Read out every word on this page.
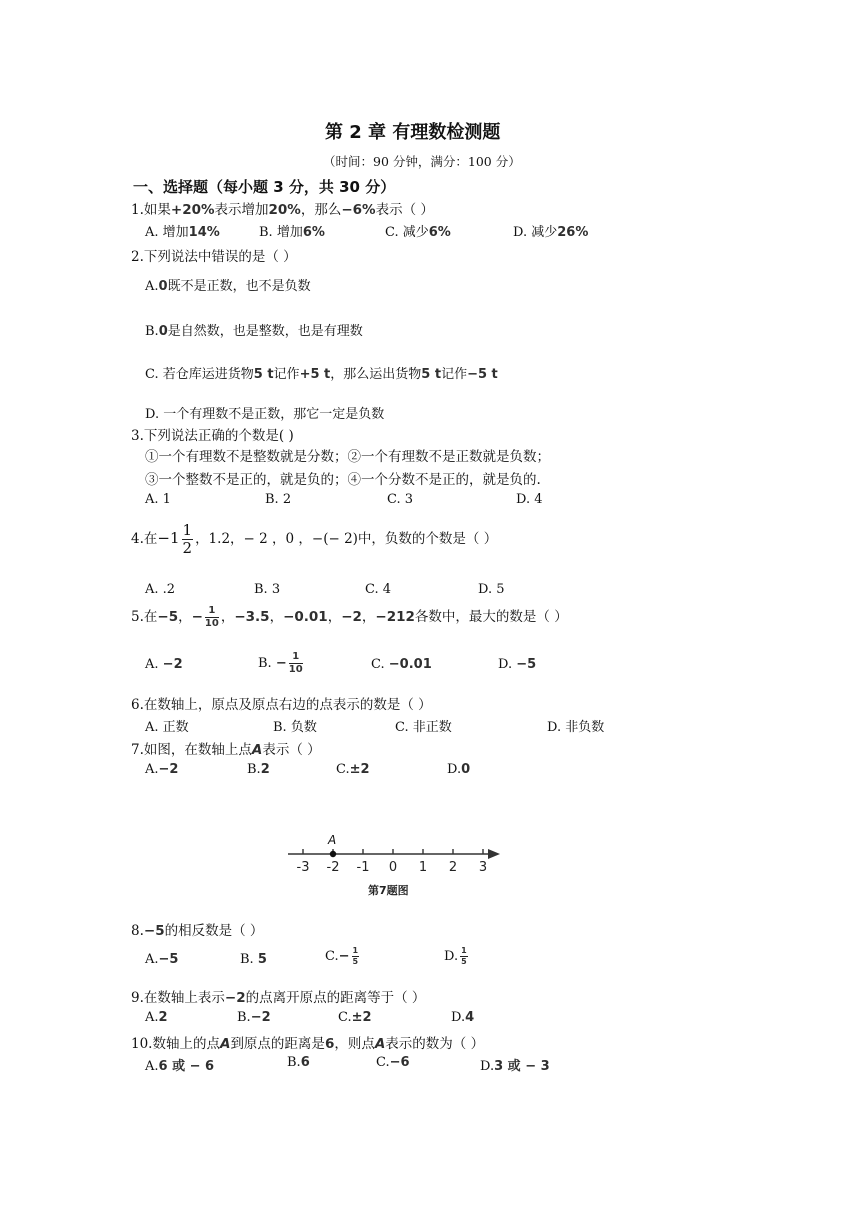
第 2 章 有理数检测题
（时间：90 分钟，满分：100 分）
一、选择题（每小题 3 分，共 30 分）
1.如果+20%表示增加20%，那么−6%表示（ ）
A. 增加14%	B. 增加6%	C. 减少6%	D. 减少26%
2.下列说法中错误的是（ ）
A.0既不是正数，也不是负数
B.0是自然数，也是整数，也是有理数
C. 若仓库运进货物5 t记作+5 t，那么运出货物5 t记作−5 t
D. 一个有理数不是正数，那它一定是负数
3.下列说法正确的个数是( )
①一个有理数不是整数就是分数；②一个有理数不是正数就是负数；
③一个整数不是正的，就是负的；④一个分数不是正的，就是负的.
A. 1	B. 2	C. 3	D. 4
4.在$-1 \frac{1}{2}$ ，1.2，− 2 ，0 ，−(− 2)中，负数的个数是（ ）
A. .2	B. 3	C. 4	D. 5
5.在−5，− $\frac{1}{10}$ ，−3.5，−0.01，−2，−212各数中，最大的数是（ ）
A. −2	B. − $\frac{1}{10}$	C. −0.01	D. −5
6.在数轴上，原点及原点右边的点表示的数是（ ）
A. 正数	B. 负数	C. 非正数	D. 非负数
7.如图，在数轴上点A表示（ ）
A.−2	B.2	C.±2	D.0
-3 -2 -1 0 1 2 3
A
第7题图
8.−5的相反数是（ ）
A.−5	B. 5	$C.- \frac{1}{5}$	D. $\frac{1}{5}$
9.在数轴上表示−2的点离开原点的距离等于（ ）
A.2	B.−2	C.±2	D.4
10.数轴上的点A到原点的距离是6，则点A表示的数为（ ）
A.6 或 − 6	B.6	C.−6	D.3 或 − 3
